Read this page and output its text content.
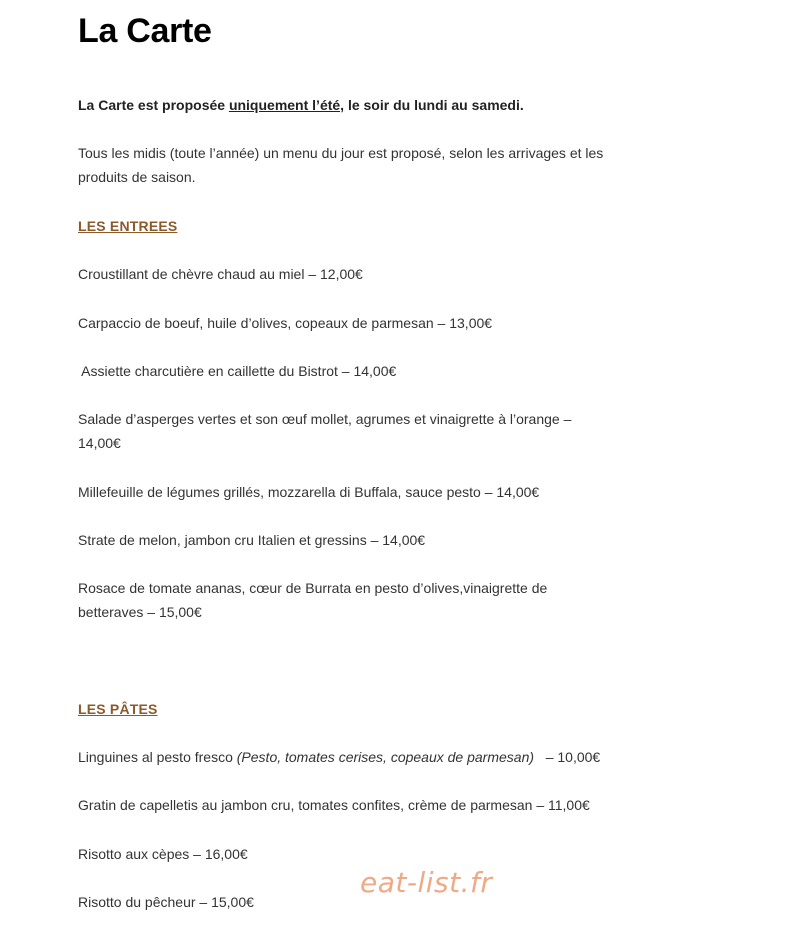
La Carte
La Carte est proposée uniquement l’été, le soir du lundi au samedi.
Tous les midis (toute l’année) un menu du jour est proposé, selon les arrivages et les produits de saison.
LES ENTREES
Croustillant de chèvre chaud au miel – 12,00€
Carpaccio de boeuf, huile d’olives, copeaux de parmesan – 13,00€
Assiette charcutière en caillette du Bistrot – 14,00€
Salade d’asperges vertes et son œuf mollet, agrumes et vinaigrette à l’orange – 14,00€
Millefeuille de légumes grillés, mozzarella di Buffala, sauce pesto – 14,00€
Strate de melon, jambon cru Italien et gressins – 14,00€
Rosace de tomate ananas, cœur de Burrata en pesto d’olives,vinaigrette de betteraves – 15,00€
LES PÂTES
Linguines al pesto fresco (Pesto, tomates cerises, copeaux de parmesan)   – 10,00€
Gratin de capelletis au jambon cru, tomates confites, crème de parmesan – 11,00€
Risotto aux cèpes – 16,00€
Risotto du pêcheur – 15,00€
eat-list.fr
